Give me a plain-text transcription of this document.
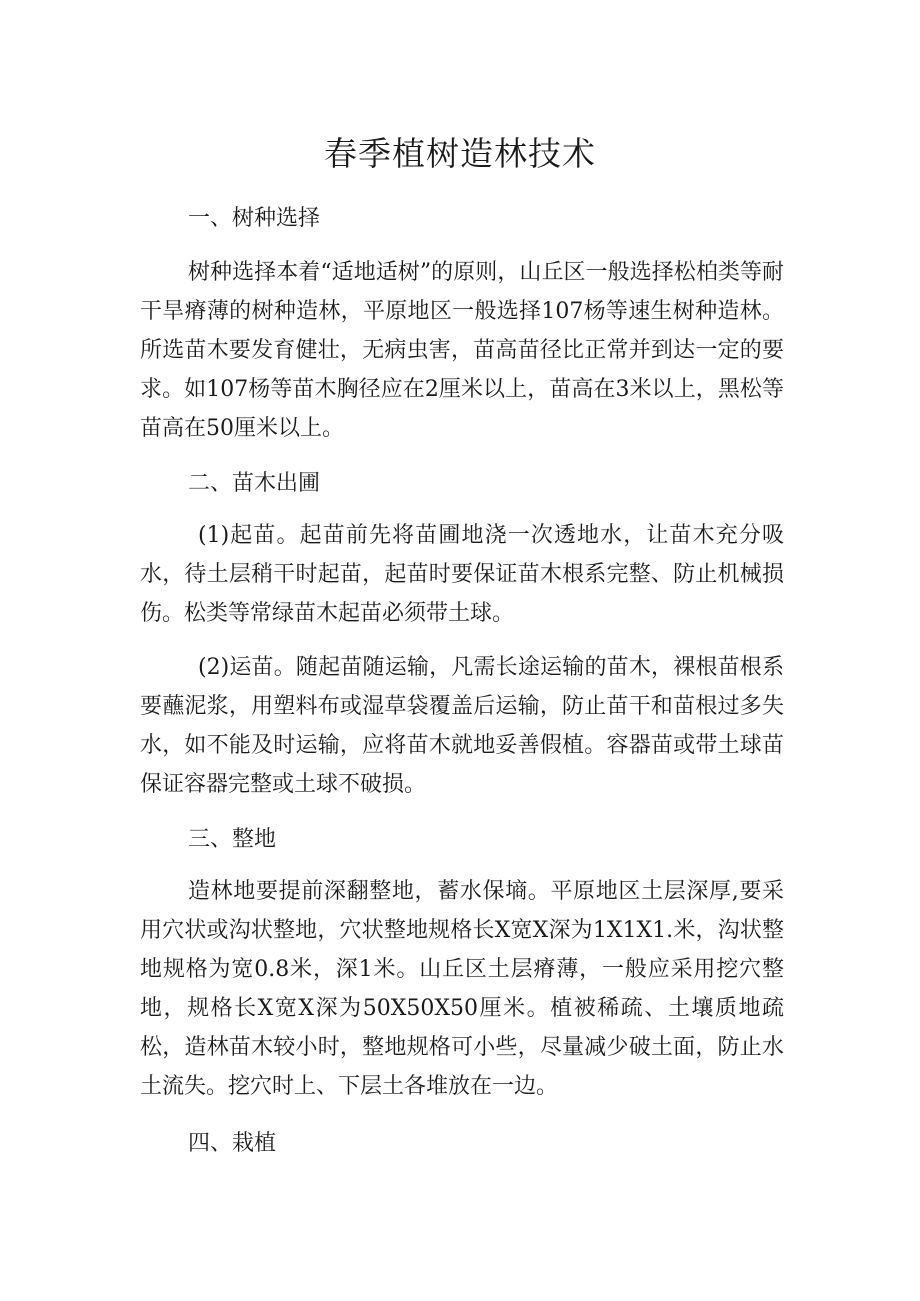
春季植树造林技术

一、树种选择

树种选择本着“适地适树”的原则，山丘区一般选择松柏类等耐干旱瘠薄的树种造林，平原地区一般选择107杨等速生树种造林。所选苗木要发育健壮，无病虫害，苗高苗径比正常并到达一定的要求。如107杨等苗木胸径应在2厘米以上，苗高在3米以上，黑松等苗高在50厘米以上。

二、苗木出圃

(1)起苗。起苗前先将苗圃地浇一次透地水，让苗木充分吸水，待土层稍干时起苗，起苗时要保证苗木根系完整、防止机械损伤。松类等常绿苗木起苗必须带土球。

(2)运苗。随起苗随运输，凡需长途运输的苗木，裸根苗根系要蘸泥浆，用塑料布或湿草袋覆盖后运输，防止苗干和苗根过多失水，如不能及时运输，应将苗木就地妥善假植。容器苗或带土球苗保证容器完整或土球不破损。

三、整地

造林地要提前深翻整地，蓄水保墒。平原地区土层深厚,要采用穴状或沟状整地，穴状整地规格长X宽X深为1X1X1.米，沟状整地规格为宽0.8米，深1米。山丘区土层瘠薄，一般应采用挖穴整地，规格长X宽X深为50X50X50厘米。植被稀疏、土壤质地疏松，造林苗木较小时，整地规格可小些，尽量减少破土面，防止水土流失。挖穴时上、下层土各堆放在一边。

四、栽植
